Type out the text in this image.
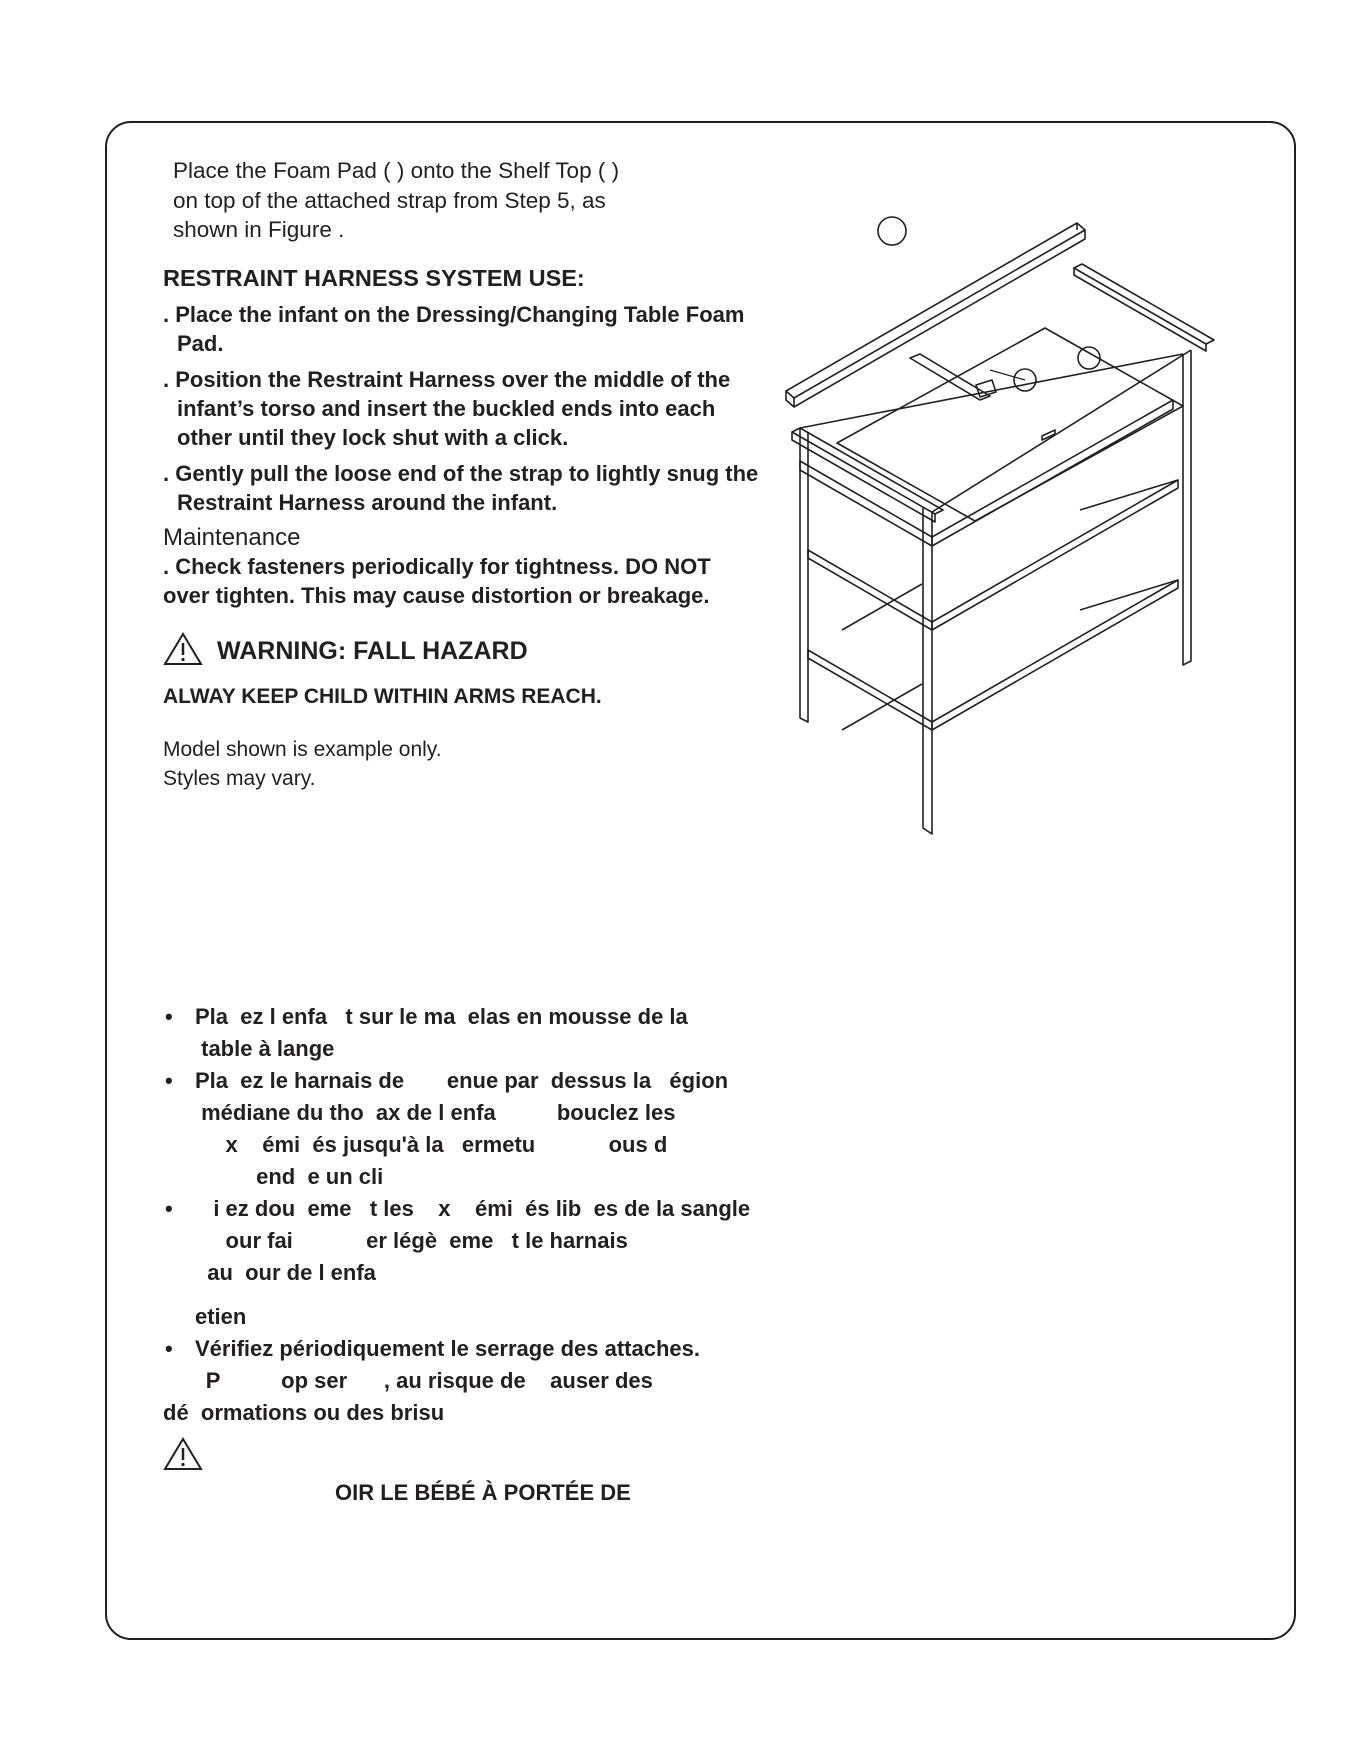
Place the Foam Pad ( ) onto the Shelf Top ( )

on top of the attached strap from Step 5, as

shown in Figure .

RESTRAINT HARNESS SYSTEM USE:
. Place the infant on the Dressing/Changing Table Foam Pad.
. Position the Restraint Harness over the middle of the infant’s torso and insert the buckled ends into each other until they lock shut with a click.
. Gently pull the loose end of the strap to lightly snug the Restraint Harness around the infant.
Maintenance

. Check fasteners periodically for tightness. DO NOT over tighten. This may cause distortion or breakage.

WARNING: FALL HAZARD
ALWAY KEEP CHILD WITHIN ARMS REACH.
Model shown is example only.
Styles may vary.
• Pla  ez l enfa   t sur le ma  elas en mousse de la
table à lange
• Pla  ez le harnais de       enue par  dessus la   égion
médiane du tho  ax de l enfa          bouclez les
x    émi  és jusqu'à la   ermetu            ous d
end  e un cli
•    i ez dou  eme   t les    x    émi  és lib  es de la sangle
our fai            er légè  eme   t le harnais
au  our de l enfa
etien
• Vérifiez périodiquement le serrage des attaches.

P          op ser      , au risque de    auser des

dé  ormations ou des brisu

OIR LE BÉBÉ À PORTÉE DE
